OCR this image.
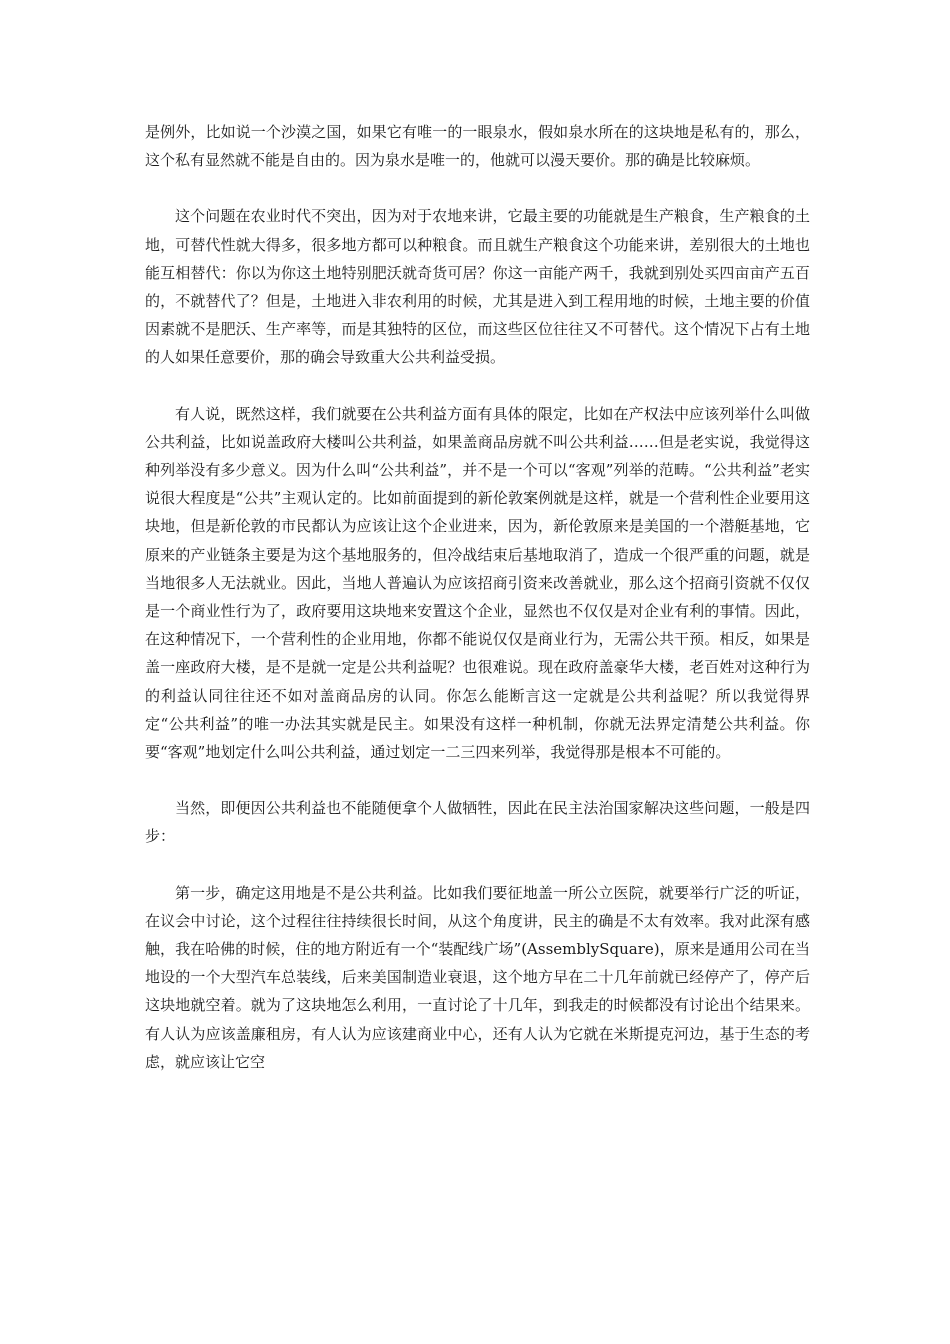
是例外，比如说一个沙漠之国，如果它有唯一的一眼泉水，假如泉水所在的这块地是私有的，那么，这个私有显然就不能是自由的。因为泉水是唯一的，他就可以漫天要价。那的确是比较麻烦。

这个问题在农业时代不突出，因为对于农地来讲，它最主要的功能就是生产粮食，生产粮食的土地，可替代性就大得多，很多地方都可以种粮食。而且就生产粮食这个功能来讲，差别很大的土地也能互相替代：你以为你这土地特别肥沃就奇货可居？你这一亩能产两千，我就到别处买四亩亩产五百的，不就替代了？但是，土地进入非农利用的时候，尤其是进入到工程用地的时候，土地主要的价值因素就不是肥沃、生产率等，而是其独特的区位，而这些区位往往又不可替代。这个情况下占有土地的人如果任意要价，那的确会导致重大公共利益受损。

有人说，既然这样，我们就要在公共利益方面有具体的限定，比如在产权法中应该列举什么叫做公共利益，比如说盖政府大楼叫公共利益，如果盖商品房就不叫公共利益……但是老实说，我觉得这种列举没有多少意义。因为什么叫“公共利益”，并不是一个可以“客观”列举的范畴。“公共利益”老实说很大程度是“公共”主观认定的。比如前面提到的新伦敦案例就是这样，就是一个营利性企业要用这块地，但是新伦敦的市民都认为应该让这个企业进来，因为，新伦敦原来是美国的一个潜艇基地，它原来的产业链条主要是为这个基地服务的，但冷战结束后基地取消了，造成一个很严重的问题，就是当地很多人无法就业。因此，当地人普遍认为应该招商引资来改善就业，那么这个招商引资就不仅仅是一个商业性行为了，政府要用这块地来安置这个企业，显然也不仅仅是对企业有利的事情。因此，在这种情况下，一个营利性的企业用地，你都不能说仅仅是商业行为，无需公共干预。相反，如果是盖一座政府大楼，是不是就一定是公共利益呢？也很难说。现在政府盖豪华大楼，老百姓对这种行为的利益认同往往还不如对盖商品房的认同。你怎么能断言这一定就是公共利益呢？所以我觉得界定“公共利益”的唯一办法其实就是民主。如果没有这样一种机制，你就无法界定清楚公共利益。你要“客观”地划定什么叫公共利益，通过划定一二三四来列举，我觉得那是根本不可能的。

当然，即便因公共利益也不能随便拿个人做牺牲，因此在民主法治国家解决这些问题，一般是四步：

第一步，确定这用地是不是公共利益。比如我们要征地盖一所公立医院，就要举行广泛的听证，在议会中讨论，这个过程往往持续很长时间，从这个角度讲，民主的确是不太有效率。我对此深有感触，我在哈佛的时候，住的地方附近有一个“装配线广场”(AssemblySquare)，原来是通用公司在当地设的一个大型汽车总装线，后来美国制造业衰退，这个地方早在二十几年前就已经停产了，停产后这块地就空着。就为了这块地怎么利用，一直讨论了十几年，到我走的时候都没有讨论出个结果来。有人认为应该盖廉租房，有人认为应该建商业中心，还有人认为它就在米斯提克河边，基于生态的考虑，就应该让它空
